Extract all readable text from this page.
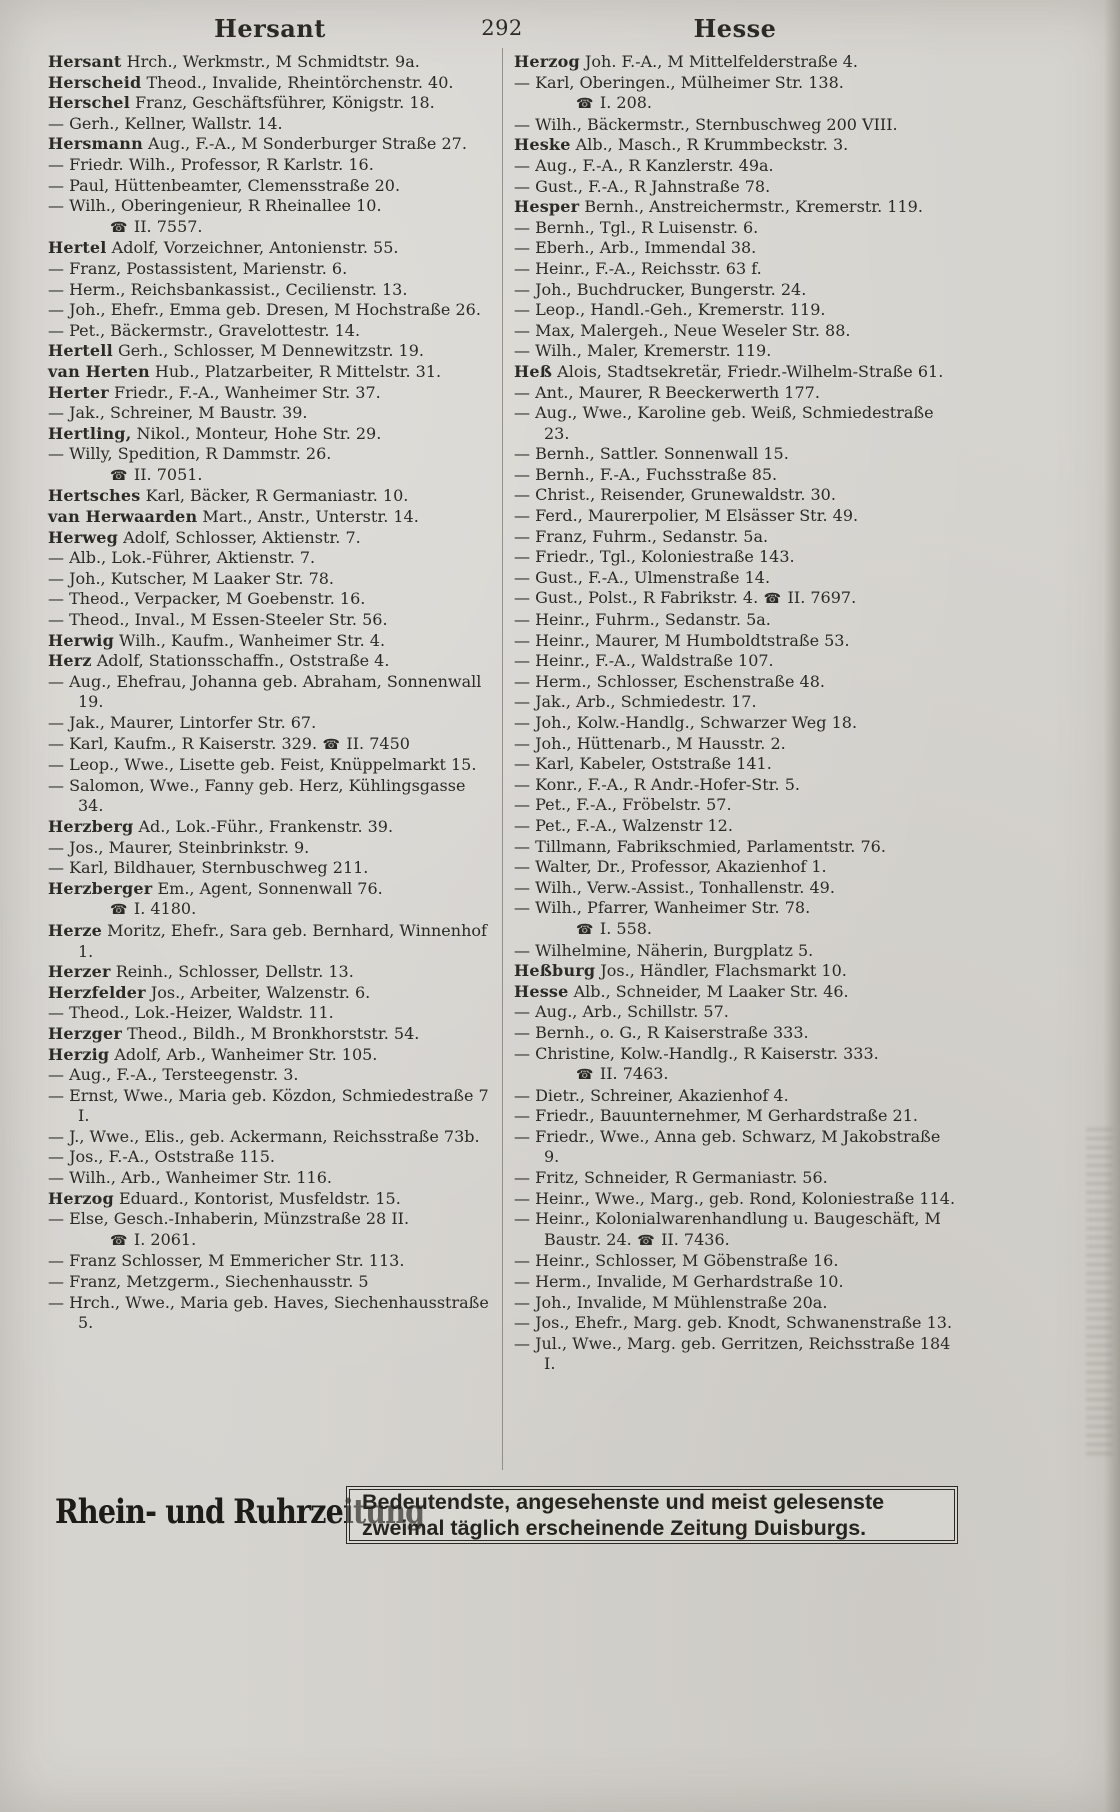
Hersant	292	Hesse
Hersant Hrch., Werkmstr., M Schmidtstr. 9a.
Herscheid Theod., Invalide, Rheintörchenstr. 40.
Herschel Franz, Geschäftsführer, Königstr. 18.
— Gerh., Kellner, Wallstr. 14.
Hersmann Aug., F.-A., M Sonderburger Straße 27.
— Friedr. Wilh., Professor, R Karlstr. 16.
— Paul, Hüttenbeamter, Clemensstraße 20.
— Wilh., Oberingenieur, R Rheinallee 10.
☎ II. 7557.
Hertel Adolf, Vorzeichner, Antonienstr. 55.
— Franz, Postassistent, Marienstr. 6.
— Herm., Reichsbankassist., Cecilienstr. 13.
— Joh., Ehefr., Emma geb. Dresen, M Hochstraße 26.
— Pet., Bäckermstr., Gravelottestr. 14.
Hertell Gerh., Schlosser, M Dennewitzstr. 19.
van Herten Hub., Platzarbeiter, R Mittelstr. 31.
Herter Friedr., F.-A., Wanheimer Str. 37.
— Jak., Schreiner, M Baustr. 39.
Hertling, Nikol., Monteur, Hohe Str. 29.
— Willy, Spedition, R Dammstr. 26.
☎ II. 7051.
Hertsches Karl, Bäcker, R Germaniastr. 10.
van Herwaarden Mart., Anstr., Unterstr. 14.
Herweg Adolf, Schlosser, Aktienstr. 7.
— Alb., Lok.-Führer, Aktienstr. 7.
— Joh., Kutscher, M Laaker Str. 78.
— Theod., Verpacker, M Goebenstr. 16.
— Theod., Inval., M Essen-Steeler Str. 56.
Herwig Wilh., Kaufm., Wanheimer Str. 4.
Herz Adolf, Stationsschaffn., Oststraße 4.
— Aug., Ehefrau, Johanna geb. Abraham, Sonnenwall 19.
— Jak., Maurer, Lintorfer Str. 67.
— Karl, Kaufm., R Kaiserstr. 329. ☎ II. 7450
— Leop., Wwe., Lisette geb. Feist, Knüppelmarkt 15.
— Salomon, Wwe., Fanny geb. Herz, Kühlingsgasse 34.
Herzberg Ad., Lok.-Führ., Frankenstr. 39.
— Jos., Maurer, Steinbrinkstr. 9.
— Karl, Bildhauer, Sternbuschweg 211.
Herzberger Em., Agent, Sonnenwall 76.
☎ I. 4180.
Herze Moritz, Ehefr., Sara geb. Bernhard, Winnenhof 1.
Herzer Reinh., Schlosser, Dellstr. 13.
Herzfelder Jos., Arbeiter, Walzenstr. 6.
— Theod., Lok.-Heizer, Waldstr. 11.
Herzger Theod., Bildh., M Bronkhorststr. 54.
Herzig Adolf, Arb., Wanheimer Str. 105.
— Aug., F.-A., Tersteegenstr. 3.
— Ernst, Wwe., Maria geb. Közdon, Schmiedestraße 7 I.
— J., Wwe., Elis., geb. Ackermann, Reichsstraße 73b.
— Jos., F.-A., Oststraße 115.
— Wilh., Arb., Wanheimer Str. 116.
Herzog Eduard., Kontorist, Musfeldstr. 15.
— Else, Gesch.-Inhaberin, Münzstraße 28 II.
☎ I. 2061.
— Franz Schlosser, M Emmericher Str. 113.
— Franz, Metzgerm., Siechenhausstr. 5
— Hrch., Wwe., Maria geb. Haves, Siechenhausstraße 5.
Herzog Joh. F.-A., M Mittelfelderstraße 4.
— Karl, Oberingen., Mülheimer Str. 138.
☎ I. 208.
— Wilh., Bäckermstr., Sternbuschweg 200 VIII.
Heske Alb., Masch., R Krummbeckstr. 3.
— Aug., F.-A., R Kanzlerstr. 49a.
— Gust., F.-A., R Jahnstraße 78.
Hesper Bernh., Anstreichermstr., Kremerstr. 119.
— Bernh., Tgl., R Luisenstr. 6.
— Eberh., Arb., Immendal 38.
— Heinr., F.-A., Reichsstr. 63 f.
— Joh., Buchdrucker, Bungerstr. 24.
— Leop., Handl.-Geh., Kremerstr. 119.
— Max, Malergeh., Neue Weseler Str. 88.
— Wilh., Maler, Kremerstr. 119.
Heß Alois, Stadtsekretär, Friedr.-Wilhelm-Straße 61.
— Ant., Maurer, R Beeckerwerth 177.
— Aug., Wwe., Karoline geb. Weiß, Schmiedestraße 23.
— Bernh., Sattler. Sonnenwall 15.
— Bernh., F.-A., Fuchsstraße 85.
— Christ., Reisender, Grunewaldstr. 30.
— Ferd., Maurerpolier, M Elsässer Str. 49.
— Franz, Fuhrm., Sedanstr. 5a.
— Friedr., Tgl., Koloniestraße 143.
— Gust., F.-A., Ulmenstraße 14.
— Gust., Polst., R Fabrikstr. 4. ☎ II. 7697.
— Heinr., Fuhrm., Sedanstr. 5a.
— Heinr., Maurer, M Humboldtstraße 53.
— Heinr., F.-A., Waldstraße 107.
— Herm., Schlosser, Eschenstraße 48.
— Jak., Arb., Schmiedestr. 17.
— Joh., Kolw.-Handlg., Schwarzer Weg 18.
— Joh., Hüttenarb., M Hausstr. 2.
— Karl, Kabeler, Oststraße 141.
— Konr., F.-A., R Andr.-Hofer-Str. 5.
— Pet., F.-A., Fröbelstr. 57.
— Pet., F.-A., Walzenstr 12.
— Tillmann, Fabrikschmied, Parlamentstr. 76.
— Walter, Dr., Professor, Akazienhof 1.
— Wilh., Verw.-Assist., Tonhallenstr. 49.
— Wilh., Pfarrer, Wanheimer Str. 78.
☎ I. 558.
— Wilhelmine, Näherin, Burgplatz 5.
Heßburg Jos., Händler, Flachsmarkt 10.
Hesse Alb., Schneider, M Laaker Str. 46.
— Aug., Arb., Schillstr. 57.
— Bernh., o. G., R Kaiserstraße 333.
— Christine, Kolw.-Handlg., R Kaiserstr. 333.
☎ II. 7463.
— Dietr., Schreiner, Akazienhof 4.
— Friedr., Bauunternehmer, M Gerhardstraße 21.
— Friedr., Wwe., Anna geb. Schwarz, M Jakobstraße 9.
— Fritz, Schneider, R Germaniastr. 56.
— Heinr., Wwe., Marg., geb. Rond, Koloniestraße 114.
— Heinr., Kolonialwarenhandlung u. Baugeschäft, M Baustr. 24. ☎ II. 7436.
— Heinr., Schlosser, M Göbenstraße 16.
— Herm., Invalide, M Gerhardstraße 10.
— Joh., Invalide, M Mühlenstraße 20a.
— Jos., Ehefr., Marg. geb. Knodt, Schwanenstraße 13.
— Jul., Wwe., Marg. geb. Gerritzen, Reichsstraße 184 I.
Rhein- und Ruhrzeitung
Bedeutendste, angesehenste und meist gelesenste
zweimal täglich erscheinende Zeitung Duisburgs.
